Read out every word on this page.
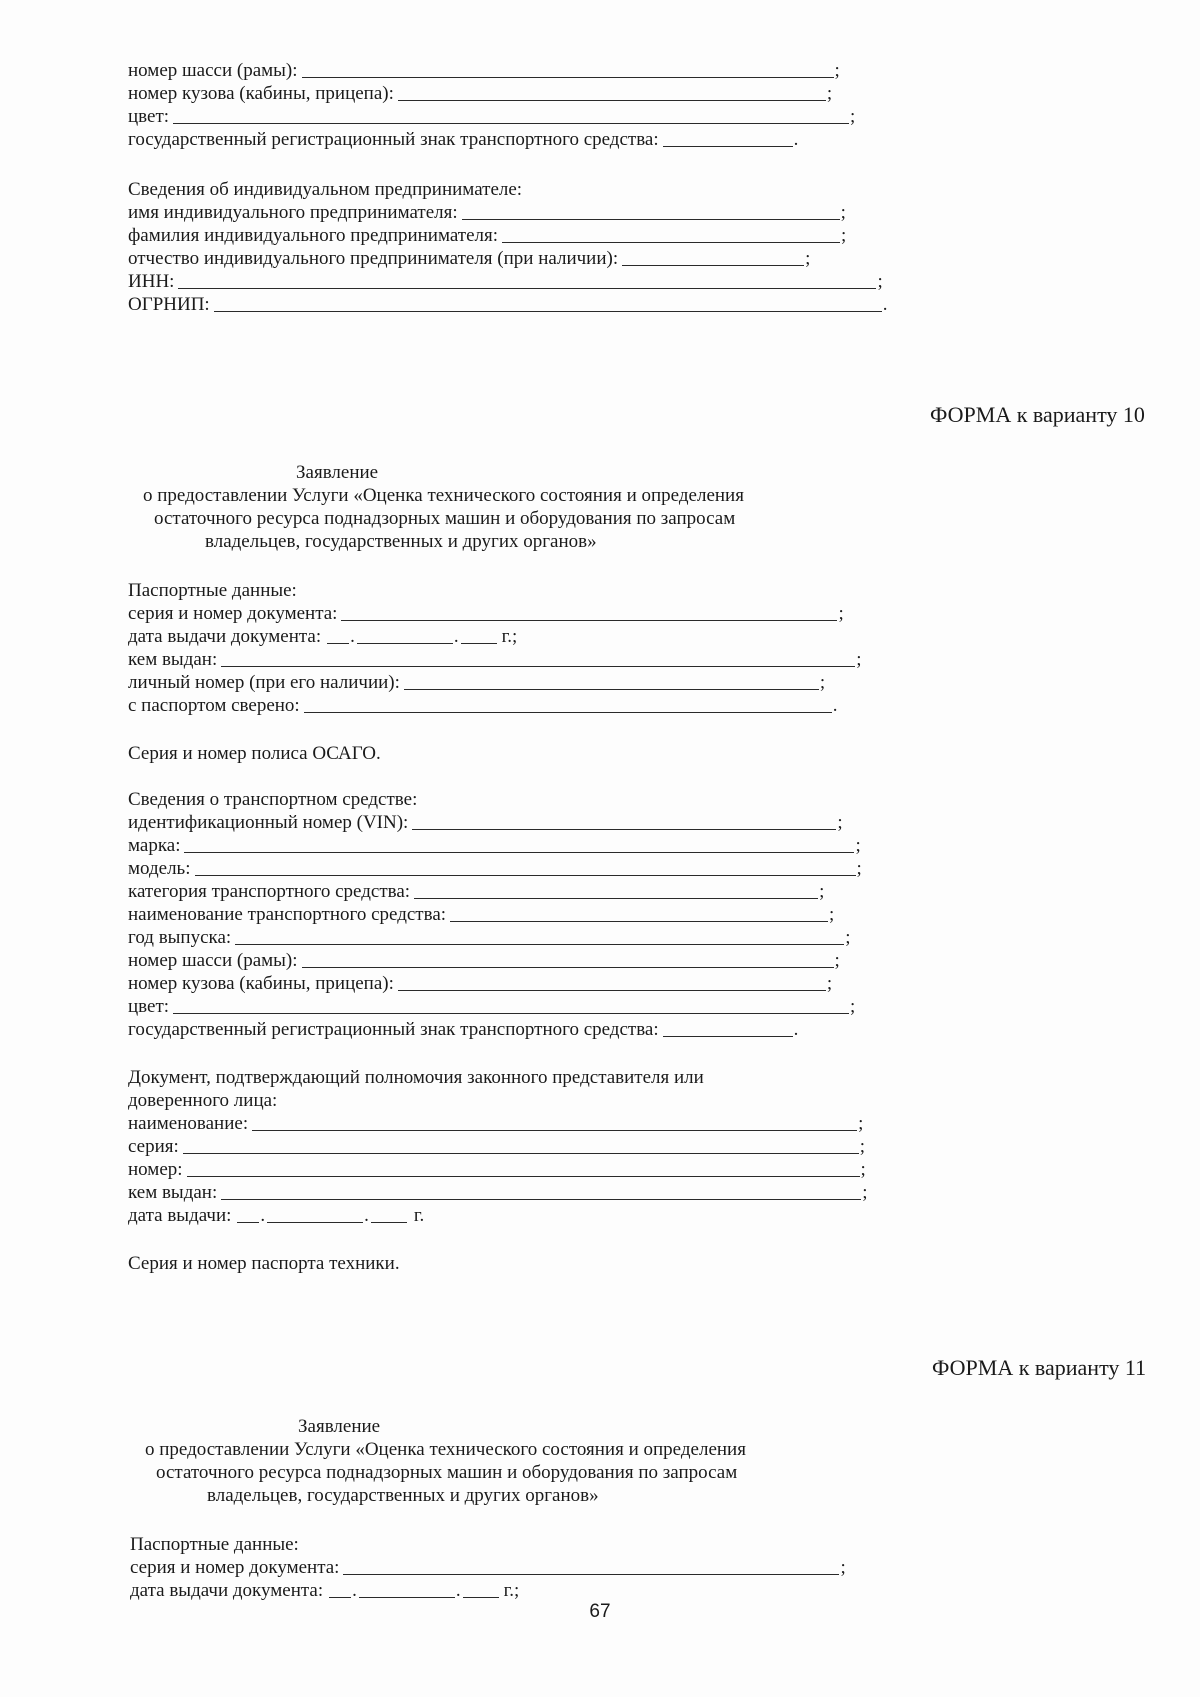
номер шасси (рамы):	;
номер кузова (кабины, прицепа):	;
цвет:	;
государственный регистрационный знак транспортного средства:	.
Сведения об индивидуальном предпринимателе:
имя индивидуального предпринимателя:	;
фамилия индивидуального предпринимателя:	;
отчество индивидуального предпринимателя (при наличии):	;
ИНН:	;
ОГРНИП:	.
ФОРМА к варианту 10
Заявление
о предоставлении Услуги «Оценка технического состояния и определения
остаточного ресурса поднадзорных машин и оборудования по запросам
владельцев, государственных и других органов»
Паспортные данные:
серия и номер документа:	;
дата выдачи документа: .	. г.;
кем выдан:	;
личный номер (при его наличии):	;
с паспортом сверено:	.
Серия и номер полиса ОСАГО.
Сведения о транспортном средстве:
идентификационный номер (VIN):	;
марка:	;
модель:	;
категория транспортного средства:	;
наименование транспортного средства:	;
год выпуска:	;
номер шасси (рамы):	;
номер кузова (кабины, прицепа):	;
цвет:	;
государственный регистрационный знак транспортного средства:	.
Документ, подтверждающий полномочия законного представителя или
доверенного лица:
наименование:	;
серия:	;
номер:	;
кем выдан:	;
дата выдачи: .	. г.
Серия и номер паспорта техники.
ФОРМА к варианту 11
Заявление
о предоставлении Услуги «Оценка технического состояния и определения
остаточного ресурса поднадзорных машин и оборудования по запросам
владельцев, государственных и других органов»
Паспортные данные:
серия и номер документа:	;
дата выдачи документа: .	. г.;
67
